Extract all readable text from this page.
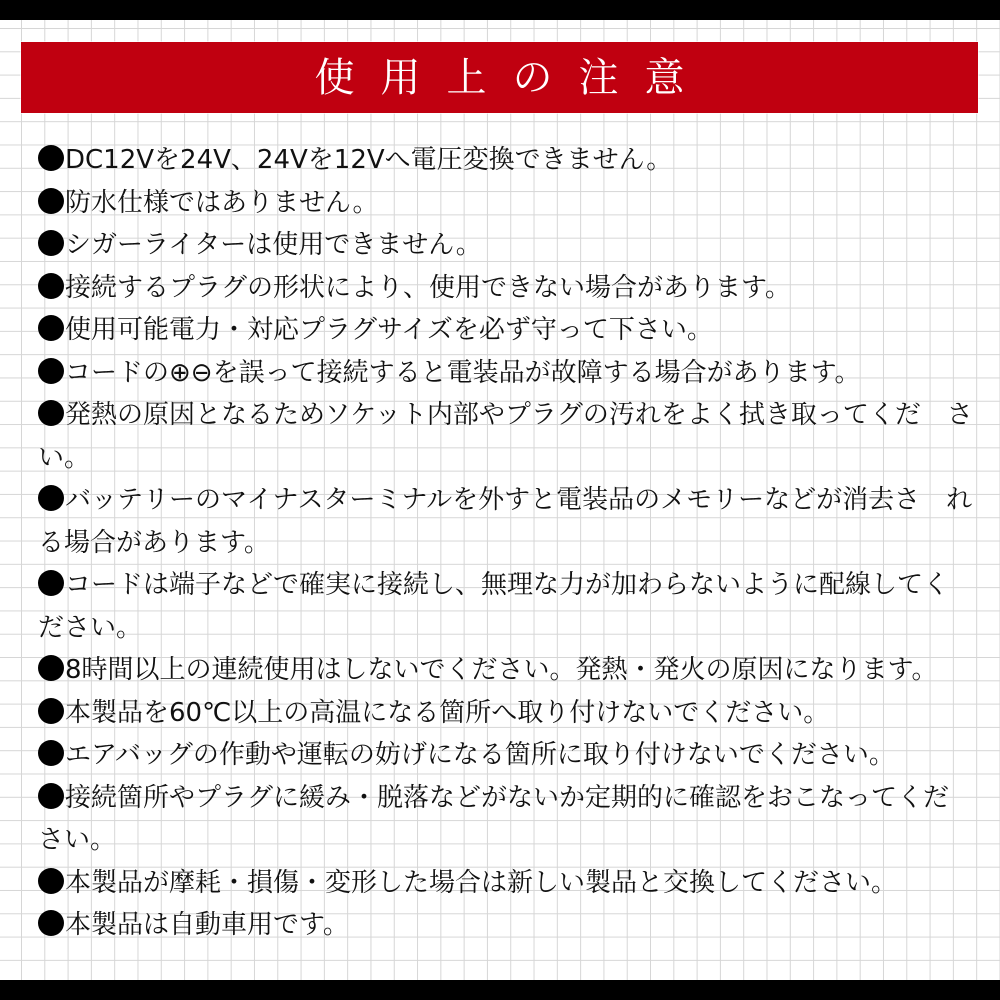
使用上の注意
DC12Vを24V、24Vを12Vへ電圧変換できません。
防水仕様ではありません。
シガーライターは使用できません。
接続するプラグの形状により、使用できない場合があります。
使用可能電力・対応プラグサイズを必ず守って下さい。
コードの⊕⊖を誤って接続すると電装品が故障する場合があります。
発熱の原因となるためソケット内部やプラグの汚れをよく拭き取ってくだ　さい。
バッテリーのマイナスターミナルを外すと電装品のメモリーなどが消去さ　れる場合があります。
コードは端子などで確実に接続し、無理な力が加わらないように配線してください。
8時間以上の連続使用はしないでください。発熱・発火の原因になります。
本製品を60℃以上の高温になる箇所へ取り付けないでください。
エアバッグの作動や運転の妨げになる箇所に取り付けないでください。
接続箇所やプラグに緩み・脱落などがないか定期的に確認をおこなってください。
本製品が摩耗・損傷・変形した場合は新しい製品と交換してください。
本製品は自動車用です。
